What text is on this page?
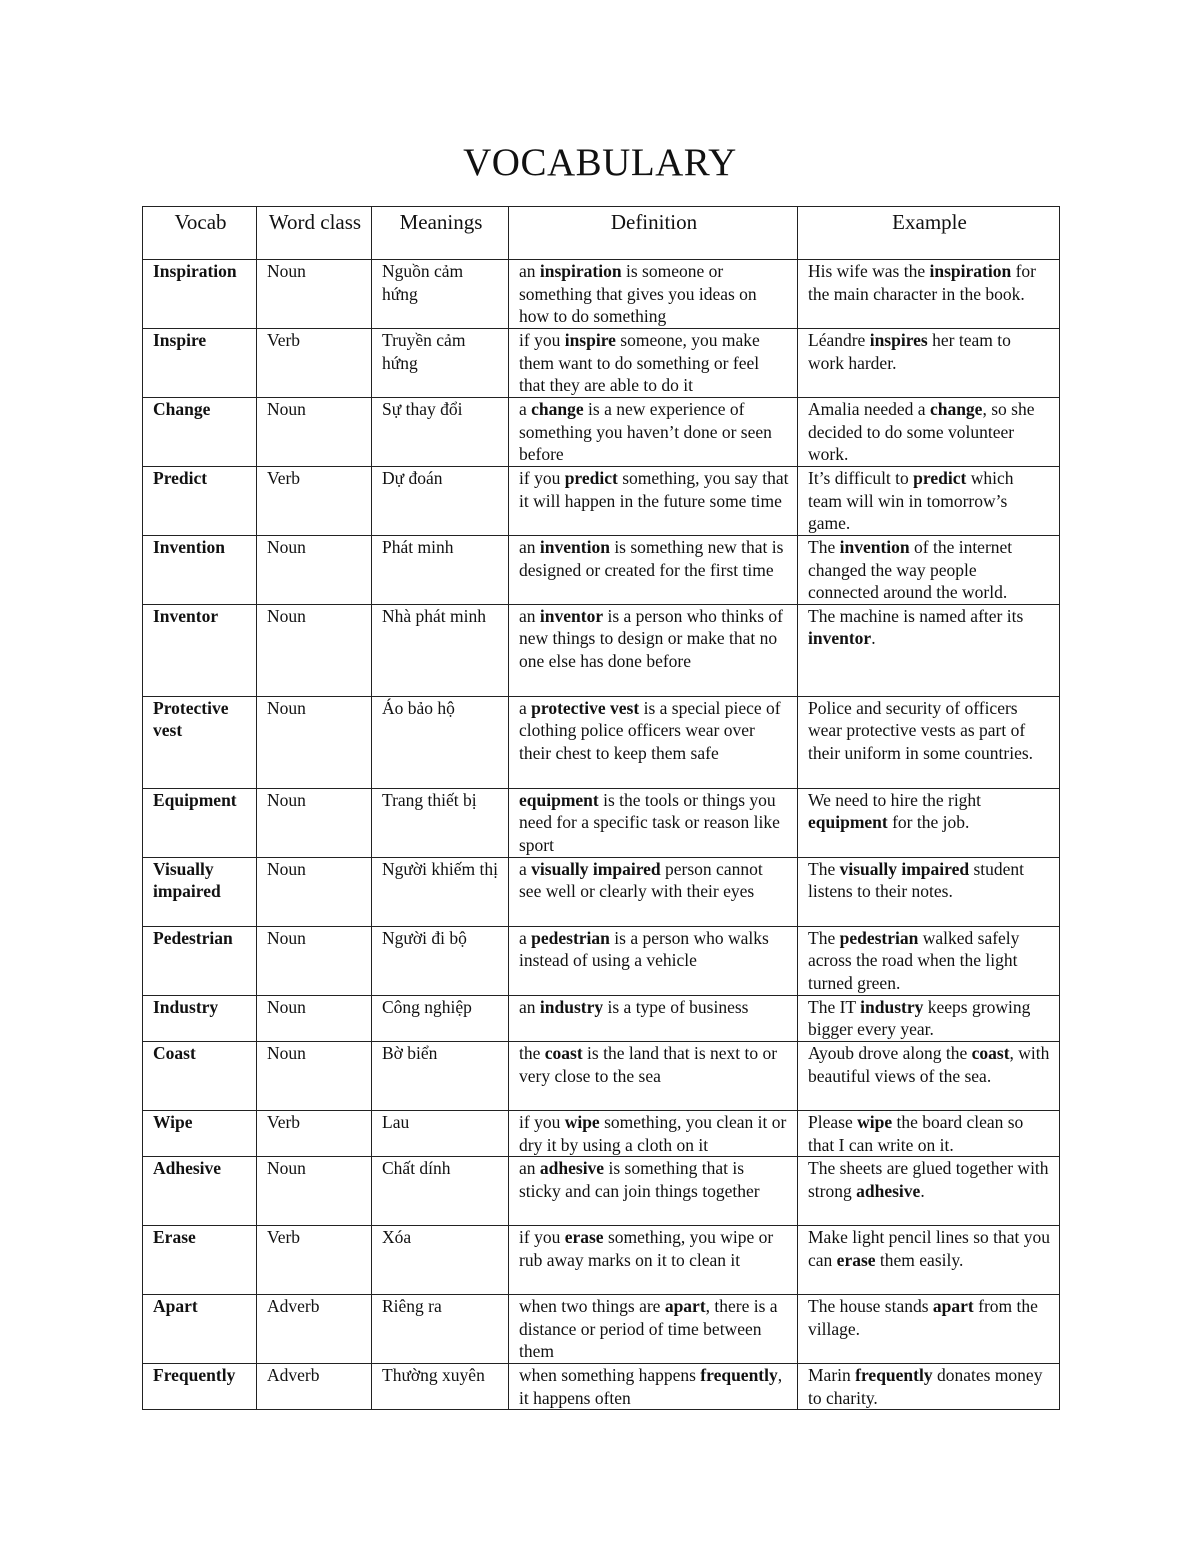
VOCABULARY
Vocab	Word class	Meanings	Definition	Example
Inspiration	Noun	Nguồn cảm hứng	an inspiration is someone or something that gives you ideas on how to do something	His wife was the inspiration for the main character in the book.
Inspire	Verb	Truyền cảm hứng	if you inspire someone, you make them want to do something or feel that they are able to do it	Léandre inspires her team to work harder.
Change	Noun	Sự thay đổi	a change is a new experience of something you haven’t done or seen before	Amalia needed a change, so she decided to do some volunteer work.
Predict	Verb	Dự đoán	if you predict something, you say that it will happen in the future some time	It’s difficult to predict which team will win in tomorrow’s game.
Invention	Noun	Phát minh	an invention is something new that is designed or created for the first time	The invention of the internet changed the way people connected around the world.
Inventor	Noun	Nhà phát minh	an inventor is a person who thinks of new things to design or make that no one else has done before	The machine is named after its inventor.
Protective vest	Noun	Áo bảo hộ	a protective vest is a special piece of clothing police officers wear over their chest to keep them safe	Police and security of officers wear protective vests as part of their uniform in some countries.
Equipment	Noun	Trang thiết bị	equipment is the tools or things you need for a specific task or reason like sport	We need to hire the right equipment for the job.
Visually impaired	Noun	Người khiếm thị	a visually impaired person cannot see well or clearly with their eyes	The visually impaired student listens to their notes.
Pedestrian	Noun	Người đi bộ	a pedestrian is a person who walks instead of using a vehicle	The pedestrian walked safely across the road when the light turned green.
Industry	Noun	Công nghiệp	an industry is a type of business	The IT industry keeps growing bigger every year.
Coast	Noun	Bờ biển	the coast is the land that is next to or very close to the sea	Ayoub drove along the coast, with beautiful views of the sea.
Wipe	Verb	Lau	if you wipe something, you clean it or dry it by using a cloth on it	Please wipe the board clean so that I can write on it.
Adhesive	Noun	Chất dính	an adhesive is something that is sticky and can join things together	The sheets are glued together with strong adhesive.
Erase	Verb	Xóa	if you erase something, you wipe or rub away marks on it to clean it	Make light pencil lines so that you can erase them easily.
Apart	Adverb	Riêng ra	when two things are apart, there is a distance or period of time between them	The house stands apart from the village.
Frequently	Adverb	Thường xuyên	when something happens frequently, it happens often	Marin frequently donates money to charity.
